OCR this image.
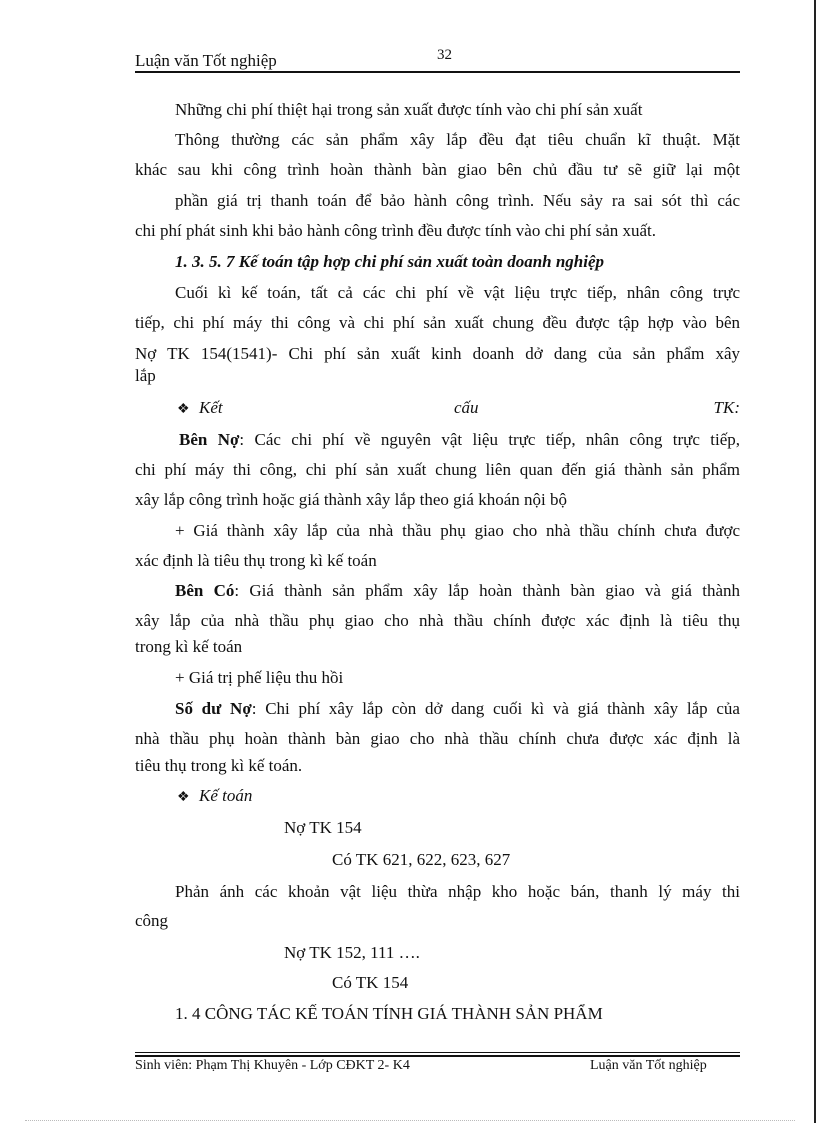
Luận văn Tốt nghiệp	32
Những chi phí thiệt hại trong sản xuất được tính vào chi phí sản xuất
Thông thường các sản phẩm xây lắp đều đạt tiêu chuẩn kĩ thuật. Mặt
khác sau khi công trình hoàn thành bàn giao bên chủ đầu tư sẽ giữ lại một
phần giá trị thanh toán để bảo hành công trình. Nếu sảy ra sai sót thì các
chi phí phát sinh khi bảo hành công trình đều được tính vào chi phí sản xuất.
1. 3. 5. 7 Kế toán tập hợp chi phí sản xuất toàn doanh nghiệp
Cuối kì kế toán, tất cả các chi phí về vật liệu trực tiếp, nhân công trực
tiếp, chi phí máy thi công và chi phí sản xuất chung đều được tập hợp vào bên
Nợ TK 154(1541)- Chi phí sản xuất kinh doanh dở dang của sản phẩm xây
lắp
❖ Kết	cấu	TK:
Bên Nợ: Các chi phí về nguyên vật liệu trực tiếp, nhân công trực tiếp,
chi phí máy thi công, chi phí sản xuất chung liên quan đến giá thành sản phẩm
xây lắp công trình hoặc giá thành xây lắp theo giá khoán nội bộ
+ Giá thành xây lắp của nhà thầu phụ giao cho nhà thầu chính chưa được
xác định là tiêu thụ trong kì kế toán
Bên Có: Giá thành sản phẩm xây lắp hoàn thành bàn giao và giá thành
xây lắp của nhà thầu phụ giao cho nhà thầu chính được xác định là tiêu thụ
trong kì kế toán
+ Giá trị phế liệu thu hồi
Số dư Nợ: Chi phí xây lắp còn dở dang cuối kì và giá thành xây lắp của
nhà thầu phụ hoàn thành bàn giao cho nhà thầu chính chưa được xác định là
tiêu thụ trong kì kế toán.
❖ Kế toán
Nợ TK 154
Có TK 621, 622, 623, 627
Phản ánh các khoản vật liệu thừa nhập kho hoặc bán, thanh lý máy thi
công
Nợ TK 152, 111 ….
Có TK 154
1. 4 CÔNG TÁC KẾ TOÁN TÍNH GIÁ THÀNH SẢN PHẨM
Sinh viên: Phạm Thị Khuyên - Lớp CĐKT 2- K4	Luận văn Tốt nghiệp
